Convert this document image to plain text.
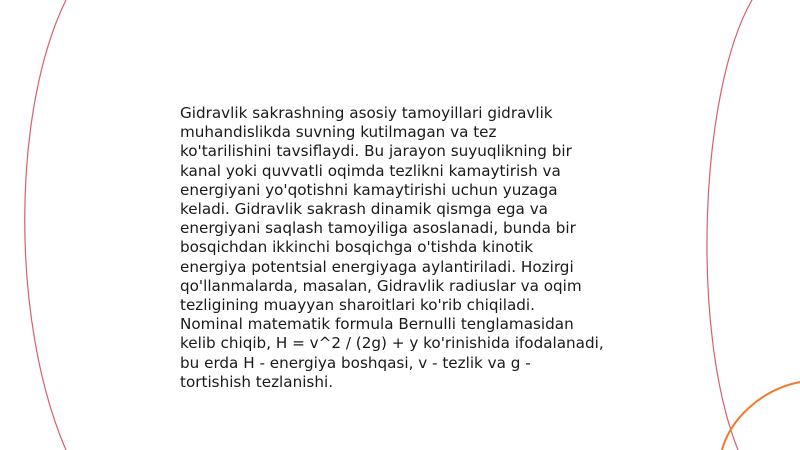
Gidravlik sakrashning asosiy tamoyillari gidravlik
muhandislikda suvning kutilmagan va tez
ko'tarilishini tavsiflaydi. Bu jarayon suyuqlikning bir
kanal yoki quvvatli oqimda tezlikni kamaytirish va
energiyani yo'qotishni kamaytirishi uchun yuzaga
keladi. Gidravlik sakrash dinamik qismga ega va
energiyani saqlash tamoyiliga asoslanadi, bunda bir
bosqichdan ikkinchi bosqichga o'tishda kinotik
energiya potentsial energiyaga aylantiriladi. Hozirgi
qo'llanmalarda, masalan, Gidravlik radiuslar va oqim
tezligining muayyan sharoitlari ko'rib chiqiladi.
Nominal matematik formula Bernulli tenglamasidan
kelib chiqib, H = v^2 / (2g) + y ko'rinishida ifodalanadi,
bu erda H - energiya boshqasi, v - tezlik va g -
tortishish tezlanishi.
